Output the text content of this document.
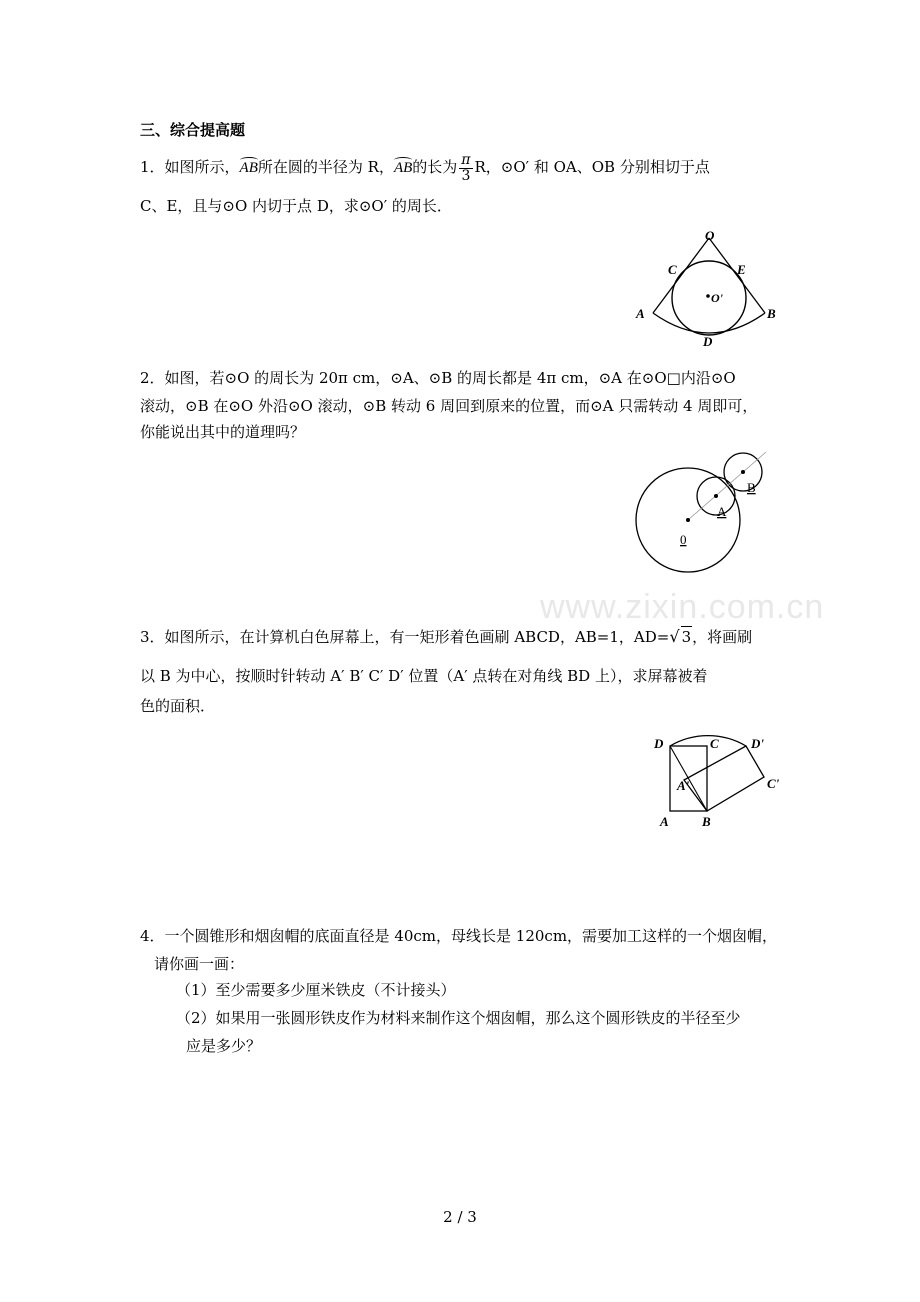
三、综合提高题
1．如图所示，AB所在圆的半径为 R，AB的长为 $\frac{\pi}{3}$ R，⊙O′ 和 OA、OB 分别相切于点
C、E，且与⊙O 内切于点 D，求⊙O′ 的周长．
O
C	E
O'
A	B
D
2．如图，若⊙O 的周长为 20π cm，⊙A、⊙B 的周长都是 4π cm，⊙A 在⊙O□内沿⊙O
滚动，⊙B 在⊙O 外沿⊙O 滚动，⊙B 转动 6 周回到原来的位置，而⊙A 只需转动 4 周即可，
你能说出其中的道理吗？
0
A
B
www.zixin.com.cn
3．如图所示，在计算机白色屏幕上，有一矩形着色画刷 ABCD，AB=1，AD=√ 3，将画刷
以 B 为中心，按顺时针转动 A′ B′ C′ D′ 位置（A′ 点转在对角线 BD 上），求屏幕被着
色的面积．
D	C D'
A'	C'
A	B
4．一个圆锥形和烟囱帽的底面直径是 40cm，母线长是 120cm，需要加工这样的一个烟囱帽，
请你画一画：
（1）至少需要多少厘米铁皮（不计接头）
（2）如果用一张圆形铁皮作为材料来制作这个烟囱帽，那么这个圆形铁皮的半径至少
应是多少？
2 / 3
